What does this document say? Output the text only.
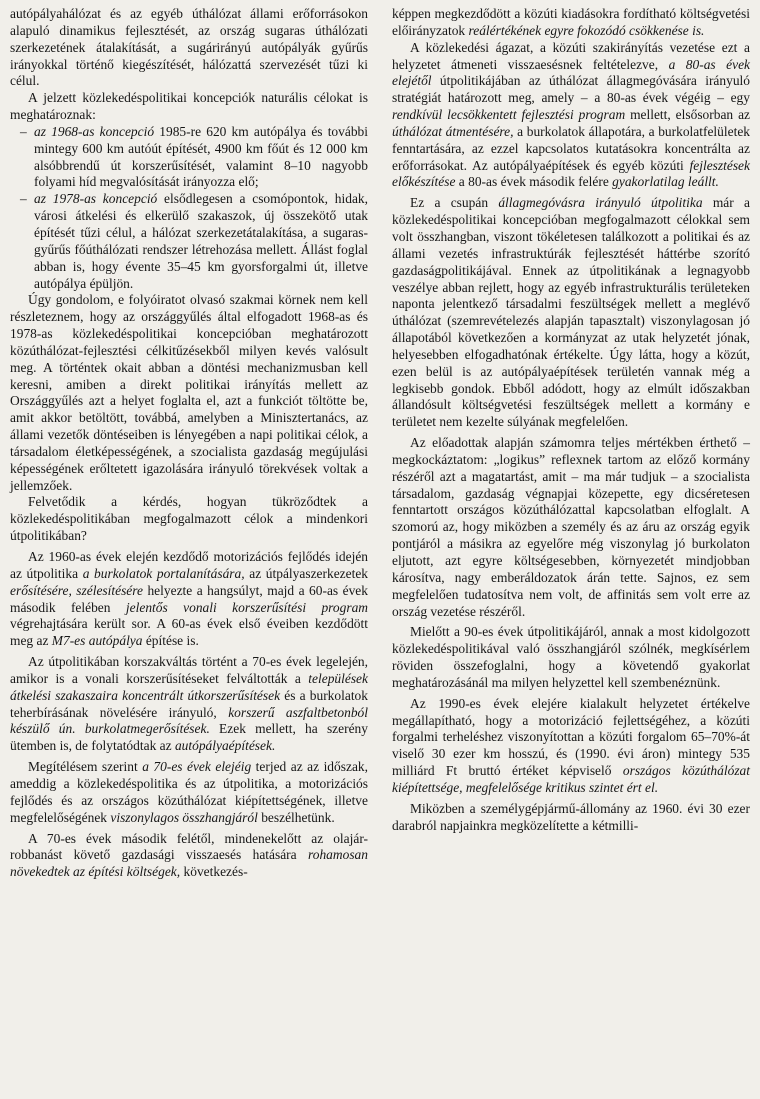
autópályahálózat és az egyéb úthálózat állami erőforrásokon alapuló dinamikus fejlesztését, az ország sugaras úthálózati szerkezetének átalakítását, a sugárirányú autópályák gyűrűs irányokkal történő kiegészítését, hálózattá szervezését tűzi ki célul.

A jelzett közlekedéspolitikai koncepciók naturális célokat is meghatároznak:

– az 1968-as koncepció 1985-re 620 km autópálya és további mintegy 600 km autóút építését, 4900 km főút és 12 000 km alsóbbrendű út korszerűsítését, valamint 8–10 nagyobb folyami híd megvalósítását irányozza elő;

– az 1978-as koncepció elsődlegesen a csomópontok, hidak, városi átkelési és elkerülő szakaszok, új összekötő utak építését tűzi célul, a hálózat szerkezetátalakítása, a sugaras-gyűrűs főúthálózati rendszer létrehozása mellett. Állást foglal abban is, hogy évente 35–45 km gyorsforgalmi út, illetve autópálya épüljön.

Úgy gondolom, e folyóiratot olvasó szakmai körnek nem kell részleteznem, hogy az országgyűlés által elfogadott 1968-as és 1978-as közlekedéspolitikai koncepcióban meghatározott közúthálózat-fejlesztési célkitűzésekből milyen kevés valósult meg. A történtek okait abban a döntési mechanizmusban kell keresni, amiben a direkt politikai irányítás mellett az Országgyűlés azt a helyet foglalta el, azt a funkciót töltötte be, amit akkor betöltött, továbbá, amelyben a Minisztertanács, az állami vezetők döntéseiben is lényegében a napi politikai célok, a társadalom életképességének, a szocialista gazdaság megújulási képességének erőltetett igazolására irányuló törekvések voltak a jellemzőek.

Felvetődik a kérdés, hogyan tükröződtek a közlekedéspolitikában megfogalmazott célok a mindenkori útpolitikában?

Az 1960-as évek elején kezdődő motorizációs fejlődés idején az útpolitika a burkolatok portalanítására, az útpályaszerkezetek erősítésére, szélesítésére helyezte a hangsúlyt, majd a 60-as évek második felében jelentős vonali korszerűsítési program végrehajtására került sor. A 60-as évek első éveiben kezdődött meg az M7-es autópálya építése is.

Az útpolitikában korszakváltás történt a 70-es évek legelején, amikor is a vonali korszerűsítéseket felváltották a települések átkelési szakaszaira koncentrált útkorszerűsítések és a burkolatok teherbírásának növelésére irányuló, korszerű aszfaltbetonból készülő ún. burkolatmegerősítések. Ezek mellett, ha szerény ütemben is, de folytatódtak az autópályaépítések.

Megítélésem szerint a 70-es évek elejéig terjed az az időszak, ameddig a közlekedéspolitika és az útpolitika, a motorizációs fejlődés és az országos közúthálózat kiépítettségének, illetve megfelelőségének viszonylagos összhangjáról beszélhetünk.

A 70-es évek második felétől, mindenekelőtt az olajár-robbanást követő gazdasági visszaesés hatására rohamosan növekedtek az építési költségek, következés-

képpen megkezdődött a közúti kiadásokra fordítható költségvetési előirányzatok reálértékének egyre fokozódó csökkenése is.

A közlekedési ágazat, a közúti szakirányítás vezetése ezt a helyzetet átmeneti visszaesésnek feltételezve, a 80-as évek elejétől útpolitikájában az úthálózat állagmegóvására irányuló stratégiát határozott meg, amely – a 80-as évek végéig – egy rendkívül lecsökkentett fejlesztési program mellett, elsősorban az úthálózat átmentésére, a burkolatok állapotára, a burkolatfelületek fenntartására, az ezzel kapcsolatos kutatásokra koncentrálta az erőforrásokat. Az autópályaépítések és egyéb közúti fejlesztések előkészítése a 80-as évek második felére gyakorlatilag leállt.

Ez a csupán állagmegóvásra irányuló útpolitika már a közlekedéspolitikai koncepcióban megfogalmazott célokkal sem volt összhangban, viszont tökéletesen találkozott a politikai és az állami vezetés infrastruktúrák fejlesztését háttérbe szorító gazdaságpolitikájával. Ennek az útpolitikának a legnagyobb veszélye abban rejlett, hogy az egyéb infrastrukturális területeken naponta jelentkező társadalmi feszültségek mellett a meglévő úthálózat (szemrevételezés alapján tapasztalt) viszonylagosan jó állapotából következően a kormányzat az utak helyzetét jónak, helyesebben elfogadhatónak értékelte. Úgy látta, hogy a közút, ezen belül is az autópályaépítések területén vannak még a legkisebb gondok. Ebből adódott, hogy az elmúlt időszakban állandósult költségvetési feszültségek mellett a kormány e területet nem kezelte súlyának megfelelően.

Az előadottak alapján számomra teljes mértékben érthető – megkockáztatom: „logikus” reflexnek tartom az előző kormány részéről azt a magatartást, amit – ma már tudjuk – a szocialista társadalom, gazdaság végnapjai közepette, egy dicséretesen fenntartott országos közúthálózattal kapcsolatban elfoglalt. A szomorú az, hogy miközben a személy és az áru az ország egyik pontjáról a másikra az egyelőre még viszonylag jó burkolaton eljutott, azt egyre költségesebben, környezetét mindjobban károsítva, nagy emberáldozatok árán tette. Sajnos, ez sem megfelelően tudatosítva nem volt, de affinitás sem volt erre az ország vezetése részéről.

Mielőtt a 90-es évek útpolitikájáról, annak a most kidolgozott közlekedéspolitikával való összhangjáról szólnék, megkísérlem röviden összefoglalni, hogy a követendő gyakorlat meghatározásánál ma milyen helyzettel kell szembenéznünk.

Az 1990-es évek elejére kialakult helyzetet értékelve megállapítható, hogy a motorizáció fejlettségéhez, a közúti forgalmi terheléshez viszonyítottan a közúti forgalom 65–70%-át viselő 30 ezer km hosszú, és (1990. évi áron) mintegy 535 milliárd Ft bruttó értéket képviselő országos közúthálózat kiépítettsége, megfelelősége kritikus szintet ért el.

Miközben a személygépjármű-állomány az 1960. évi 30 ezer darabról napjainkra megközelítette a kétmilli-
